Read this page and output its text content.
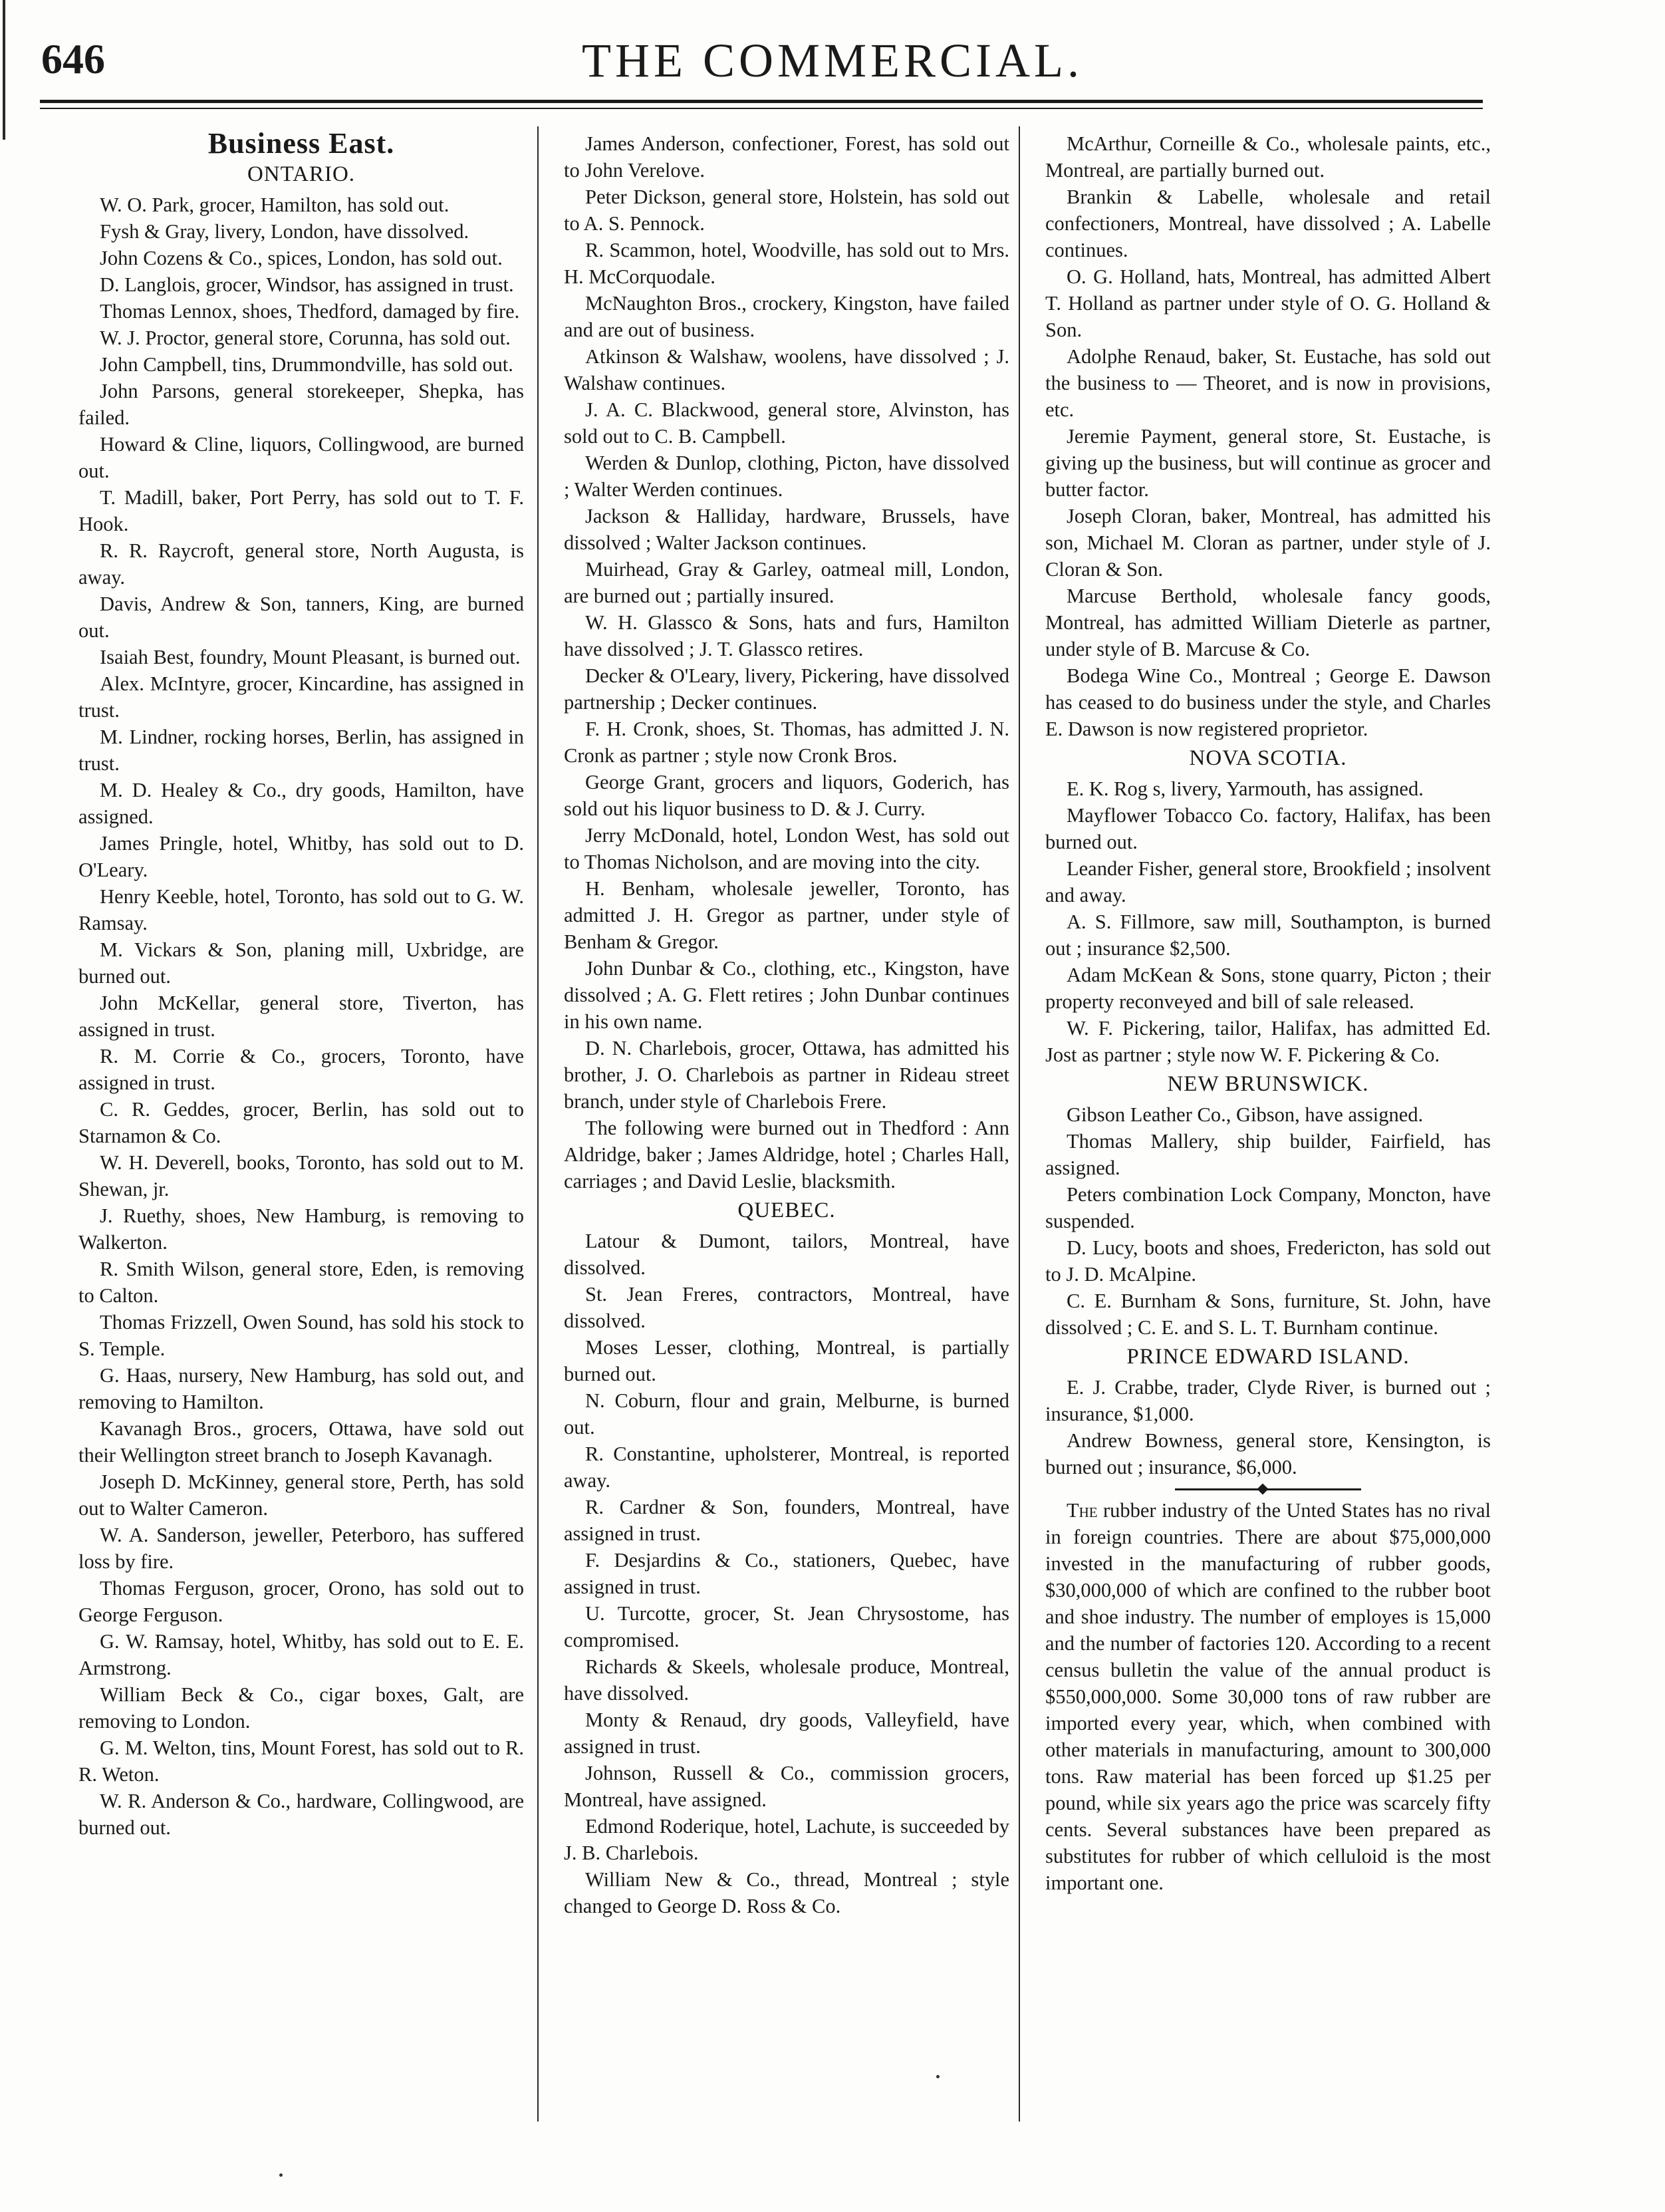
646	THE COMMERCIAL.

Business East.

ONTARIO.

W. O. Park, grocer, Hamilton, has sold out.

Fysh & Gray, livery, London, have dissolved.

John Cozens & Co., spices, London, has sold out.

D. Langlois, grocer, Windsor, has assigned in trust.

Thomas Lennox, shoes, Thedford, damaged by fire.

W. J. Proctor, general store, Corunna, has sold out.

John Campbell, tins, Drummondville, has sold out.

John Parsons, general storekeeper, Shepka, has failed.

Howard & Cline, liquors, Collingwood, are burned out.

T. Madill, baker, Port Perry, has sold out to T. F. Hook.

R. R. Raycroft, general store, North Augusta, is away.

Davis, Andrew & Son, tanners, King, are burned out.

Isaiah Best, foundry, Mount Pleasant, is burned out.

Alex. McIntyre, grocer, Kincardine, has assigned in trust.

M. Lindner, rocking horses, Berlin, has assigned in trust.

M. D. Healey & Co., dry goods, Hamilton, have assigned.

James Pringle, hotel, Whitby, has sold out to D. O'Leary.

Henry Keeble, hotel, Toronto, has sold out to G. W. Ramsay.

M. Vickars & Son, planing mill, Uxbridge, are burned out.

John McKellar, general store, Tiverton, has assigned in trust.

R. M. Corrie & Co., grocers, Toronto, have assigned in trust.

C. R. Geddes, grocer, Berlin, has sold out to Starnamon & Co.

W. H. Deverell, books, Toronto, has sold out to M. Shewan, jr.

J. Ruethy, shoes, New Hamburg, is removing to Walkerton.

R. Smith Wilson, general store, Eden, is removing to Calton.

Thomas Frizzell, Owen Sound, has sold his stock to S. Temple.

G. Haas, nursery, New Hamburg, has sold out, and removing to Hamilton.

Kavanagh Bros., grocers, Ottawa, have sold out their Wellington street branch to Joseph Kavanagh.

Joseph D. McKinney, general store, Perth, has sold out to Walter Cameron.

W. A. Sanderson, jeweller, Peterboro, has suffered loss by fire.

Thomas Ferguson, grocer, Orono, has sold out to George Ferguson.

G. W. Ramsay, hotel, Whitby, has sold out to E. E. Armstrong.

William Beck & Co., cigar boxes, Galt, are removing to London.

G. M. Welton, tins, Mount Forest, has sold out to R. R. Weton.

W. R. Anderson & Co., hardware, Collingwood, are burned out.

James Anderson, confectioner, Forest, has sold out to John Verelove.

Peter Dickson, general store, Holstein, has sold out to A. S. Pennock.

R. Scammon, hotel, Woodville, has sold out to Mrs. H. McCorquodale.

McNaughton Bros., crockery, Kingston, have failed and are out of business.

Atkinson & Walshaw, woolens, have dissolved ; J. Walshaw continues.

J. A. C. Blackwood, general store, Alvinston, has sold out to C. B. Campbell.

Werden & Dunlop, clothing, Picton, have dissolved ; Walter Werden continues.

Jackson & Halliday, hardware, Brussels, have dissolved ; Walter Jackson continues.

Muirhead, Gray & Garley, oatmeal mill, London, are burned out ; partially insured.

W. H. Glassco & Sons, hats and furs, Hamilton have dissolved ; J. T. Glassco retires.

Decker & O'Leary, livery, Pickering, have dissolved partnership ; Decker continues.

F. H. Cronk, shoes, St. Thomas, has admitted J. N. Cronk as partner ; style now Cronk Bros.

George Grant, grocers and liquors, Goderich, has sold out his liquor business to D. & J. Curry.

Jerry McDonald, hotel, London West, has sold out to Thomas Nicholson, and are moving into the city.

H. Benham, wholesale jeweller, Toronto, has admitted J. H. Gregor as partner, under style of Benham & Gregor.

John Dunbar & Co., clothing, etc., Kingston, have dissolved ; A. G. Flett retires ; John Dunbar continues in his own name.

D. N. Charlebois, grocer, Ottawa, has admitted his brother, J. O. Charlebois as partner in Rideau street branch, under style of Charlebois Frere.

The following were burned out in Thedford : Ann Aldridge, baker ; James Aldridge, hotel ; Charles Hall, carriages ; and David Leslie, blacksmith.

QUEBEC.

Latour & Dumont, tailors, Montreal, have dissolved.

St. Jean Freres, contractors, Montreal, have dissolved.

Moses Lesser, clothing, Montreal, is partially burned out.

N. Coburn, flour and grain, Melburne, is burned out.

R. Constantine, upholsterer, Montreal, is reported away.

R. Cardner & Son, founders, Montreal, have assigned in trust.

F. Desjardins & Co., stationers, Quebec, have assigned in trust.

U. Turcotte, grocer, St. Jean Chrysostome, has compromised.

Richards & Skeels, wholesale produce, Montreal, have dissolved.

Monty & Renaud, dry goods, Valleyfield, have assigned in trust.

Johnson, Russell & Co., commission grocers, Montreal, have assigned.

Edmond Roderique, hotel, Lachute, is succeeded by J. B. Charlebois.

William New & Co., thread, Montreal ; style changed to George D. Ross & Co.

McArthur, Corneille & Co., wholesale paints, etc., Montreal, are partially burned out.

Brankin & Labelle, wholesale and retail confectioners, Montreal, have dissolved ; A. Labelle continues.

O. G. Holland, hats, Montreal, has admitted Albert T. Holland as partner under style of O. G. Holland & Son.

Adolphe Renaud, baker, St. Eustache, has sold out the business to — Theoret, and is now in provisions, etc.

Jeremie Payment, general store, St. Eustache, is giving up the business, but will continue as grocer and butter factor.

Joseph Cloran, baker, Montreal, has admitted his son, Michael M. Cloran as partner, under style of J. Cloran & Son.

Marcuse Berthold, wholesale fancy goods, Montreal, has admitted William Dieterle as partner, under style of B. Marcuse & Co.

Bodega Wine Co., Montreal ; George E. Dawson has ceased to do business under the style, and Charles E. Dawson is now registered proprietor.

NOVA SCOTIA.

E. K. Rog s, livery, Yarmouth, has assigned.

Mayflower Tobacco Co. factory, Halifax, has been burned out.

Leander Fisher, general store, Brookfield ; insolvent and away.

A. S. Fillmore, saw mill, Southampton, is burned out ; insurance $2,500.

Adam McKean & Sons, stone quarry, Picton ; their property reconveyed and bill of sale released.

W. F. Pickering, tailor, Halifax, has admitted Ed. Jost as partner ; style now W. F. Pickering & Co.

NEW BRUNSWICK.

Gibson Leather Co., Gibson, have assigned.

Thomas Mallery, ship builder, Fairfield, has assigned.

Peters combination Lock Company, Moncton, have suspended.

D. Lucy, boots and shoes, Fredericton, has sold out to J. D. McAlpine.

C. E. Burnham & Sons, furniture, St. John, have dissolved ; C. E. and S. L. T. Burnham continue.

PRINCE EDWARD ISLAND.

E. J. Crabbe, trader, Clyde River, is burned out ; insurance, $1,000.

Andrew Bowness, general store, Kensington, is burned out ; insurance, $6,000.

The rubber industry of the Unted States has no rival in foreign countries. There are about $75,000,000 invested in the manufacturing of rubber goods, $30,000,000 of which are confined to the rubber boot and shoe industry. The number of employes is 15,000 and the number of factories 120. According to a recent census bulletin the value of the annual product is $550,000,000. Some 30,000 tons of raw rubber are imported every year, which, when combined with other materials in manufacturing, amount to 300,000 tons. Raw material has been forced up $1.25 per pound, while six years ago the price was scarcely fifty cents. Several substances have been prepared as substitutes for rubber of which celluloid is the most important one.
